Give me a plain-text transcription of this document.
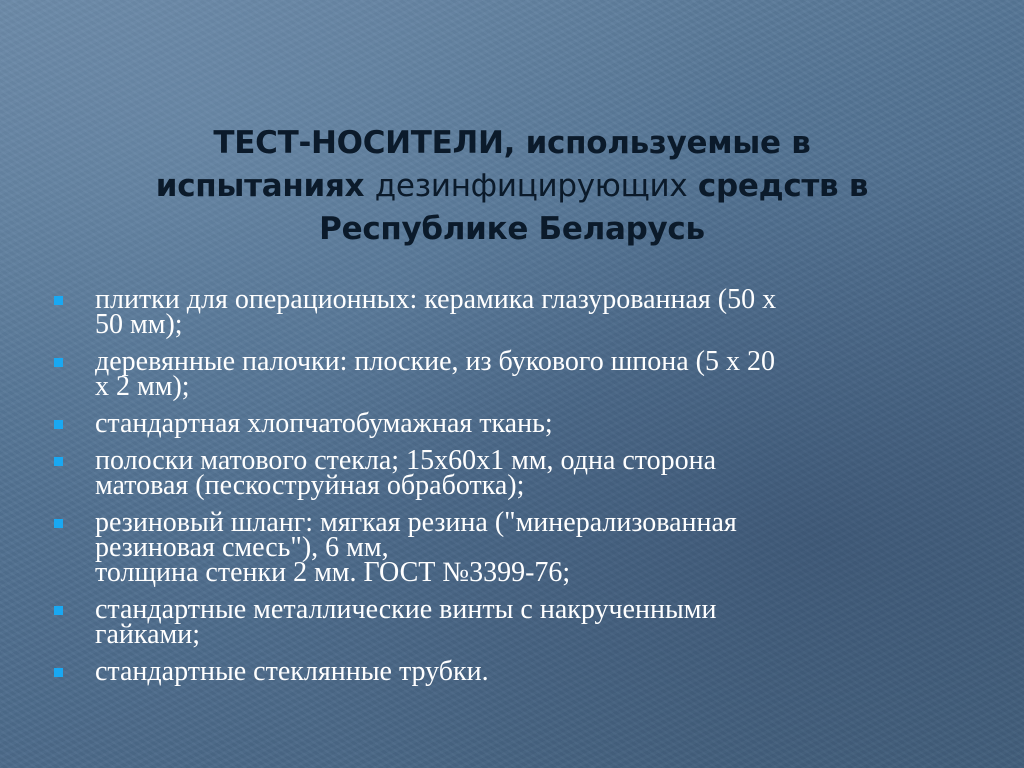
ТЕСТ-НОСИТЕЛИ, используемые в
испытаниях дезинфицирующих средств в
Республике Беларусь
плитки для операционных: керамика глазурованная (50 х
50 мм);
деревянные палочки: плоские, из букового шпона (5 х 20
х 2 мм);
стандартная хлопчатобумажная ткань;
полоски матового стекла; 15х60х1 мм, одна сторона
матовая (пескоструйная обработка);
резиновый шланг: мягкая резина ("минерализованная
резиновая смесь"), 6 мм,
толщина стенки 2 мм. ГОСТ №3399-76;
стандартные металлические винты с накрученными
гайками;
стандартные стеклянные трубки.
